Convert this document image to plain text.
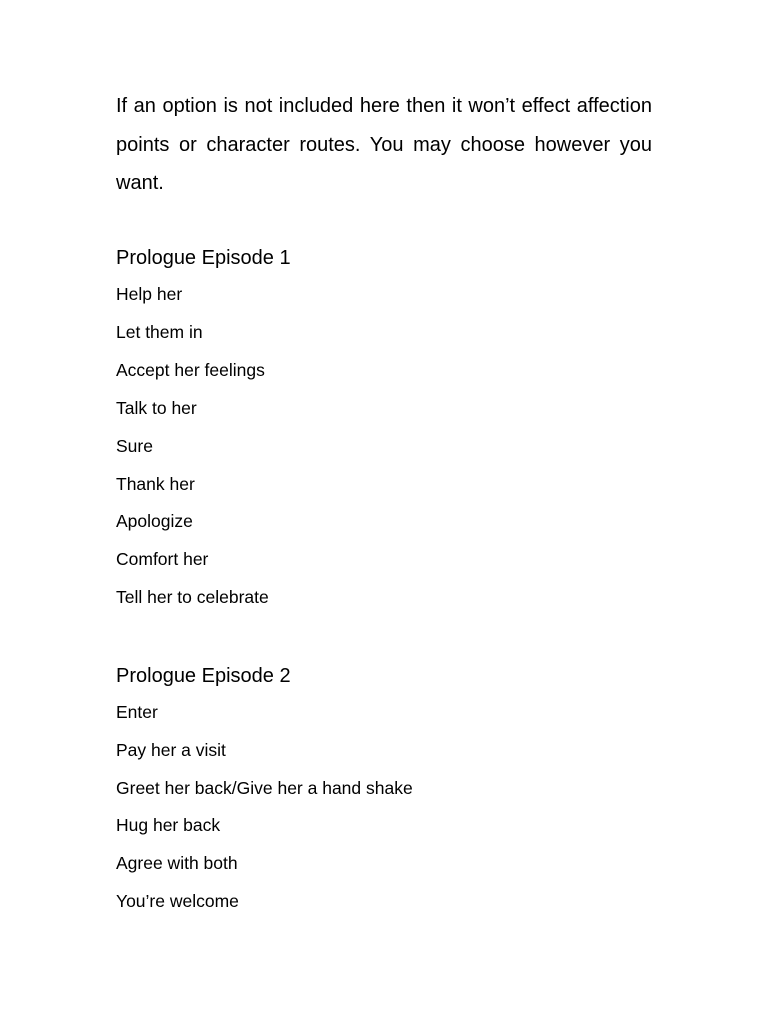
If an option is not included here then it won’t effect affection points or character routes. You may choose however you want.

Prologue Episode 1
Help her
Let them in
Accept her feelings
Talk to her
Sure
Thank her
Apologize
Comfort her
Tell her to celebrate
Prologue Episode 2
Enter
Pay her a visit
Greet her back/Give her a hand shake
Hug her back
Agree with both
You’re welcome
